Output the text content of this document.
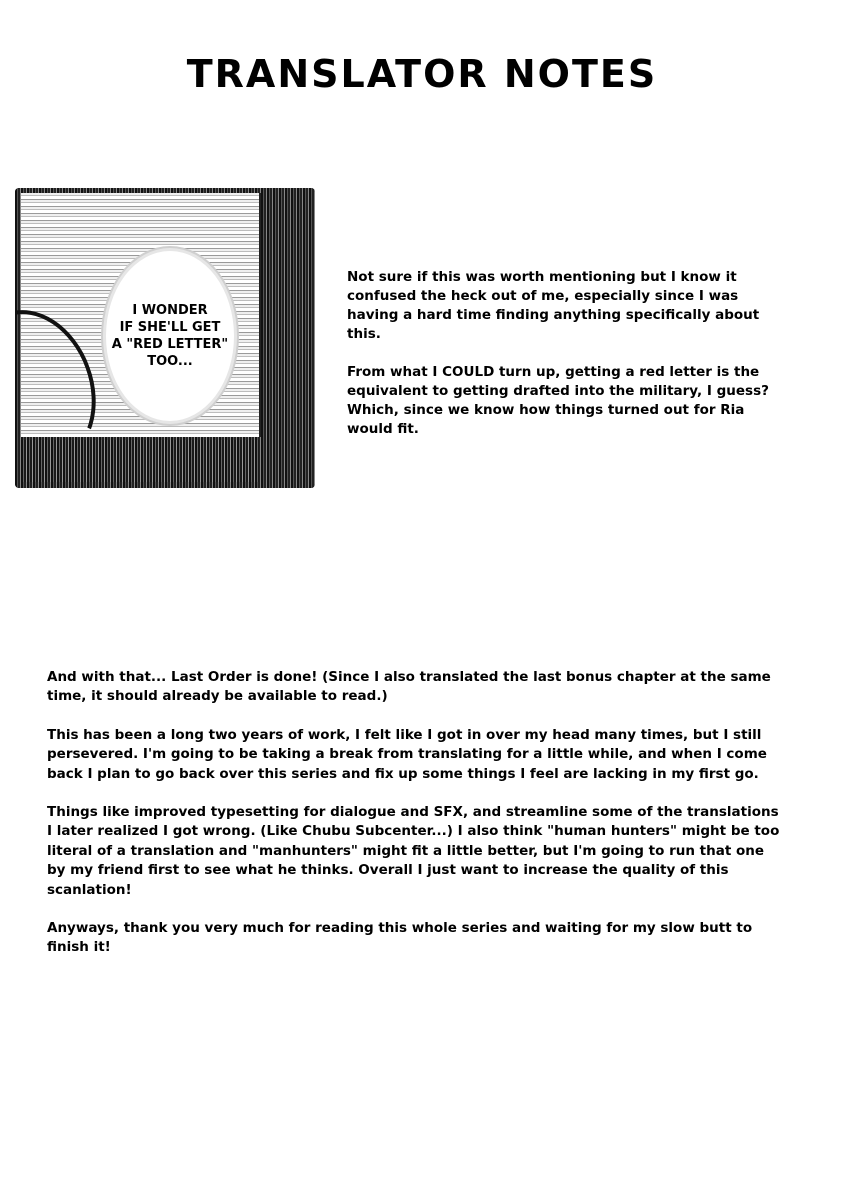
TRANSLATOR NOTES
I WONDER
IF SHE'LL GET
A "RED LETTER"
TOO...

Not sure if this was worth mentioning but I know it confused the heck out of me, especially since I was having a hard time finding anything specifically about this.

From what I COULD turn up, getting a red letter is the equivalent to getting drafted into the military, I guess? Which, since we know how things turned out for Ria would fit.

And with that... Last Order is done! (Since I also translated the last bonus chapter at the same time, it should already be available to read.)

This has been a long two years of work, I felt like I got in over my head many times, but I still persevered. I'm going to be taking a break from translating for a little while, and when I come back I plan to go back over this series and fix up some things I feel are lacking in my first go.

Things like improved typesetting for dialogue and SFX, and streamline some of the translations I later realized I got wrong. (Like Chubu Subcenter...) I also think "human hunters" might be too literal of a translation and "manhunters" might fit a little better, but I'm going to run that one by my friend first to see what he thinks. Overall I just want to increase the quality of this scanlation!

Anyways, thank you very much for reading this whole series and waiting for my slow butt to finish it!
